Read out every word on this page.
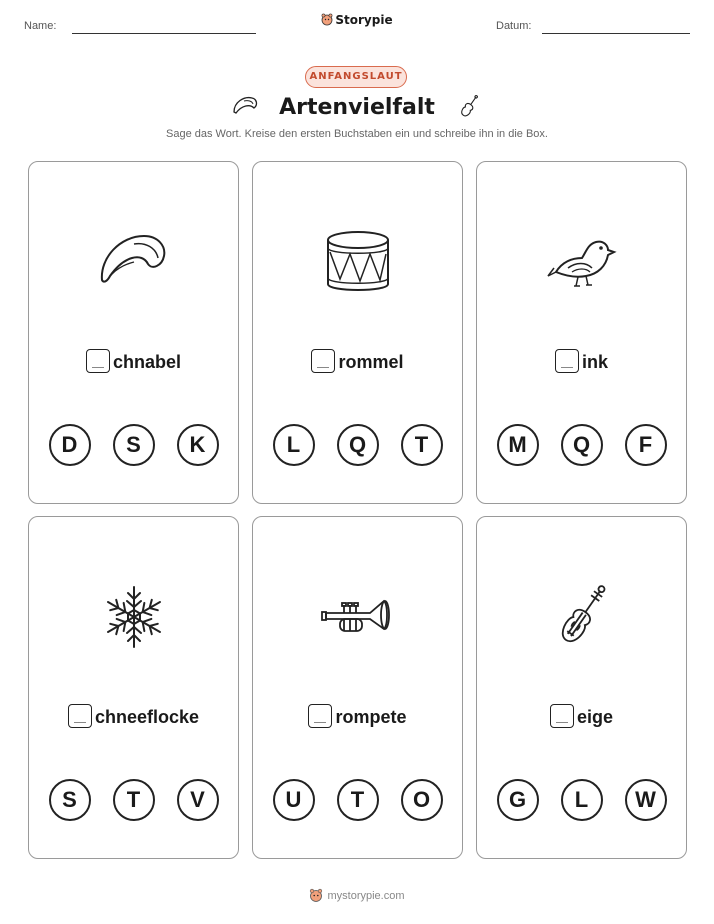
Name:	Storypie	Datum:
ANFANGSLAUT
Artenvielfalt
Sage das Wort. Kreise den ersten Buchstaben ein und schreibe ihn in die Box.
chnabel
D	S	K
rommel
L	Q	T
ink
M	Q	F
chneeflocke
S	T	V
rompete
U	T	O
eige
G	L	W
mystorypie.com
